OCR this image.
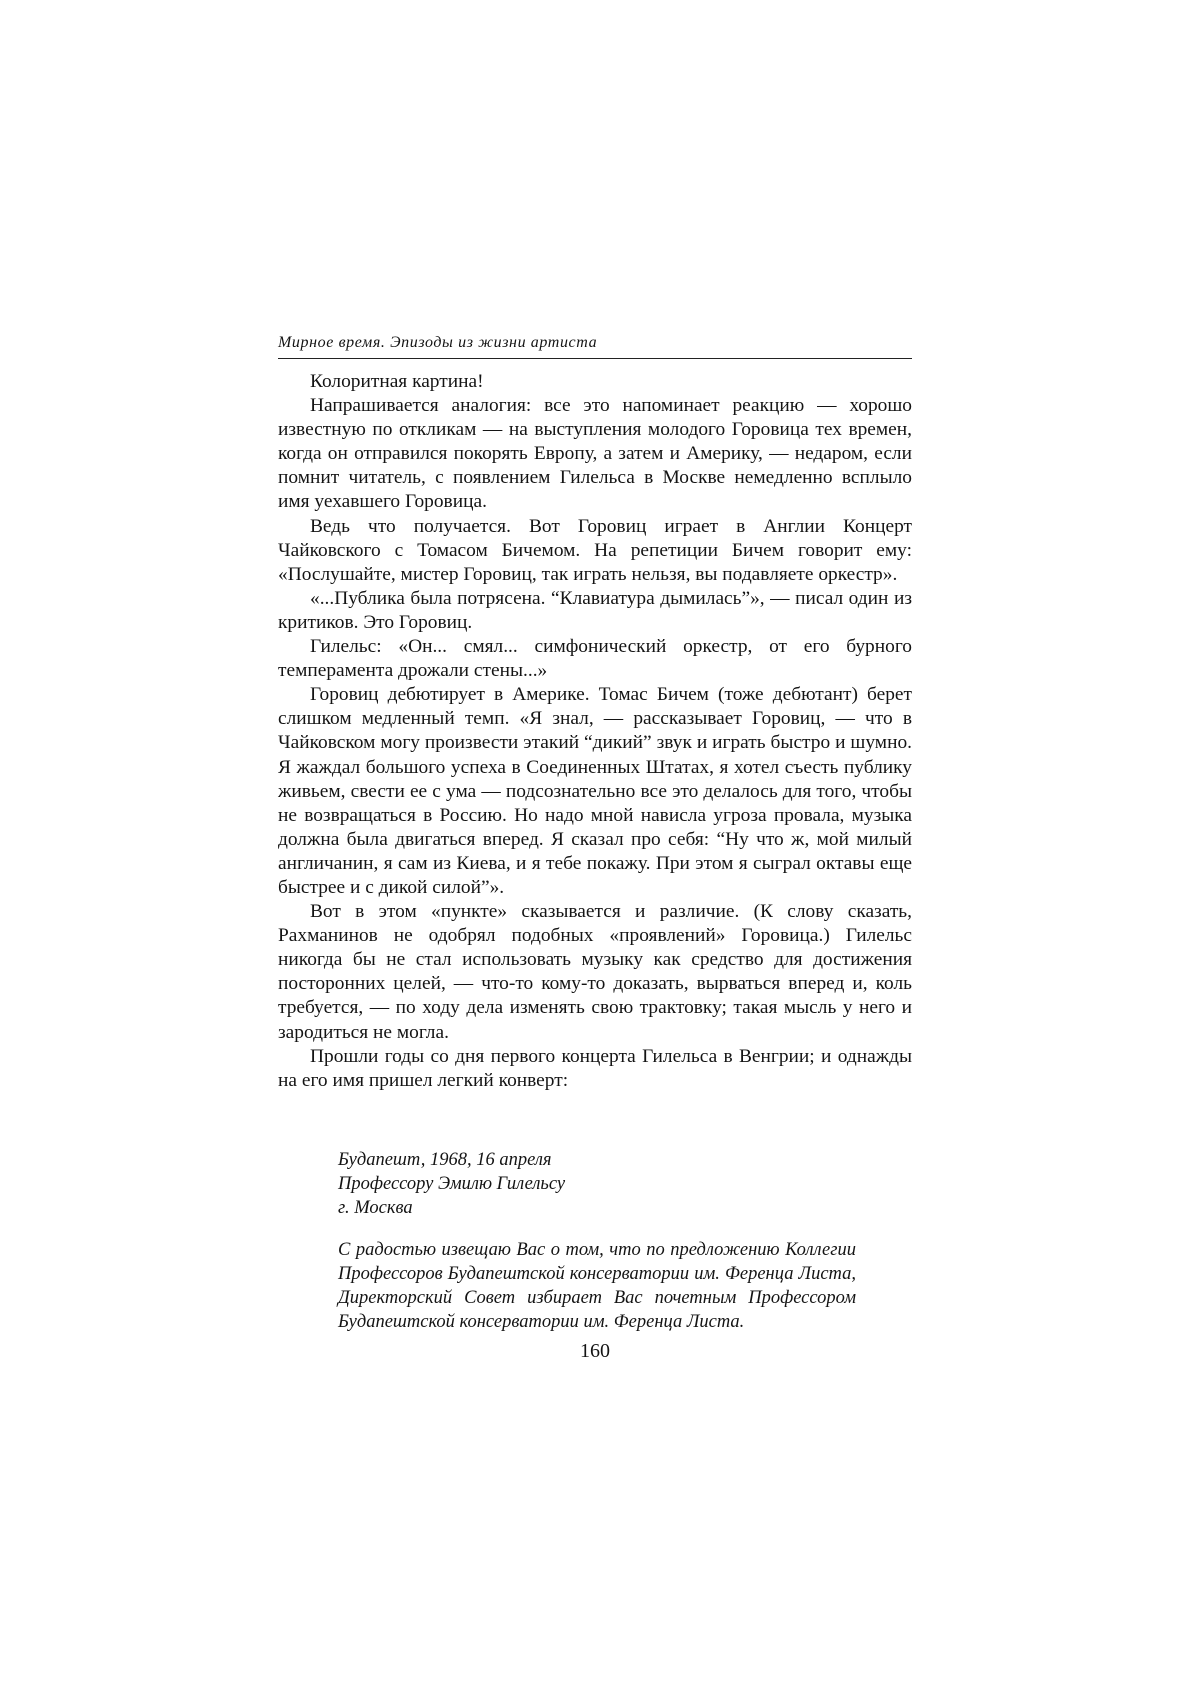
Мирное время. Эпизоды из жизни артиста

Колоритная картина!

Напрашивается аналогия: все это напоминает реакцию — хорошо известную по откликам — на выступления молодого Горовица тех времен, когда он отправился покорять Европу, а затем и Америку, — недаром, если помнит читатель, с появлением Гилельса в Москве немедленно всплыло имя уехавшего Горовица.

Ведь что получается. Вот Горовиц играет в Англии Концерт Чайковского с Томасом Бичемом. На репетиции Бичем говорит ему: «Послушайте, мистер Горовиц, так играть нельзя, вы подавляете оркестр».

«...Публика была потрясена. “Клавиатура дымилась”», — писал один из критиков. Это Горовиц.

Гилельс: «Он... смял... симфонический оркестр, от его бурного темперамента дрожали стены...»

Горовиц дебютирует в Америке. Томас Бичем (тоже дебютант) берет слишком медленный темп. «Я знал, — рассказывает Горовиц, — что в Чайковском могу произвести этакий “дикий” звук и играть быстро и шумно. Я жаждал большого успеха в Соединенных Штатах, я хотел съесть публику живьем, свести ее с ума — подсознательно все это делалось для того, чтобы не возвращаться в Россию. Но надо мной нависла угроза провала, музыка должна была двигаться вперед. Я сказал про себя: “Ну что ж, мой милый англичанин, я сам из Киева, и я тебе покажу. При этом я сыграл октавы еще быстрее и с дикой силой”».

Вот в этом «пункте» сказывается и различие. (К слову сказать, Рахманинов не одобрял подобных «проявлений» Горовица.) Гилельс никогда бы не стал использовать музыку как средство для достижения посторонних целей, — что-то кому-то доказать, вырваться вперед и, коль требуется, — по ходу дела изменять свою трактовку; такая мысль у него и зародиться не могла.

Прошли годы со дня первого концерта Гилельса в Венгрии; и однажды на его имя пришел легкий конверт:

Будапешт, 1968, 16 апреля
Профессору Эмилю Гилельсу
г. Москва
С радостью извещаю Вас о том, что по предложению Коллегии Профессоров Будапештской консерватории им. Ференца Листа, Директорский Совет избирает Вас почетным Профессором Будапештской консерватории им. Ференца Листа.
160
